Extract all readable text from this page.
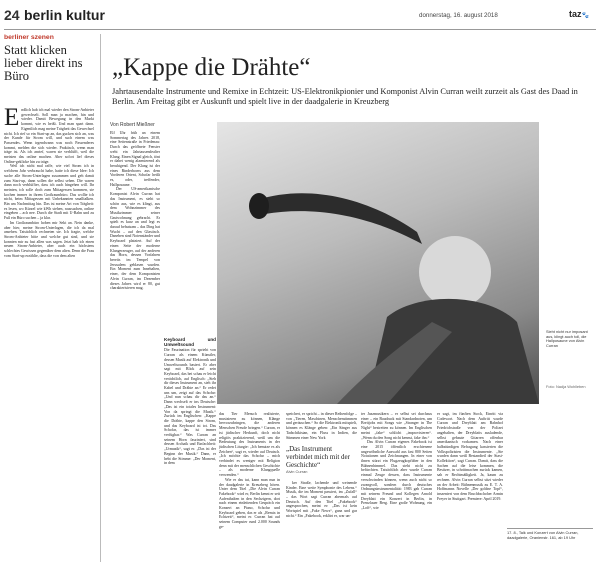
24 berlin kultur	donnerstag, 16. august 2018	taz🐾
berliner szenen
Statt klicken lieber direkt ins Büro

Endlich hab ich mal wieder den Strom-Anbieter gewechselt. Soll man ja machen, hin und wieder. Damit Bewegung in den Markt kommt, wie es heißt. Und man spart dann. Eigentlich mag meine Trägheit das Gewechsel nicht. Ich rief so ein Start-up an, das gucken sich an, was der Kunde für Strom will, und such einem was Passendes. Wenn irgendwann was noch Passenderes kommt, melden die sich wieder. Praktisch, wenn man träge ist. Als ich anrief, waren sie verblüfft, weil die meisten das online machen. Aber sofort lief dieses Online-geklicke hin zu träge.

Weil ich nicht mal raffe, wie viel Strom ich in welchem Jahr verbraucht habe, hatte ich diese Idee: Ich suche alle Strom-Unterlagen zusammen und geh damit zum Start-up, dann sollen die selbst sehen. Die waren dann noch verblüffter, dass ich auch hingehen will. Ihr meinten, ich solle doch zum Mittagessen kommen, sie kochen immer in ihrem Großraumbüro. Das wollte ich nicht, beim Mittagessen mit Unbekannten smalltalken. Bin am Nachmittag hin. Das ist meine Art von Trägheit: es lesen, wo Kürzel wie kWh stehen, raussuchen, online eingeben – ach nee. Durch die Stadt mit U-Bahn und zu Fuß ein Büro suchen – ja klar.

Im Großraumbüro hoben mir Sekt an. Nein danke, aber hier, meine Strom-Unterlagen, die ich da mal ansehen. Tatsächlich rechneten sie. Ich fragte, welche Strom-Anbieter bitte und welche gut sind, und sie konnten mir zu fast allen was sagen. Jetzt hab ich einen neuen Strom-Anbieter, aber auch ein höchstens schlechtes Gewissen gegenüber dem alten. Denn die Frau vom Start-up erzählte, dass die von dem alten

„Kappe die Drähte“
Jahrtausendalte Instrumente und Remixe in Echtzeit: US-Elektronikpionier und Komponist Alvin Curran weilt zurzeit als Gast des Daad in Berlin. Am Freitag gibt er Auskunft und spielt live in der daadgalerie in Kreuzberg
Von Robert Mießner

Elf Uhr früh an einem Sommertag des Jahres 2018, eine Seitenstraße in Friedenau: Durch das geöffnete Fenster weht ein Jahrtausendealter Klang. Einen Signal gleich, tönt er dabei wenig alarmierend als beruhigend. Der Klang ist der eines Rinderhorns aus dem Vorderen Orient, Schofar heißt es, oder, treffender, Hallposaune.

Der US-amerikanische Komponist Alvin Curran hat das Instrument, es sieht so schön aus, wie es klingt, aus dem Wohnzimmer des Musikzimmer seiner Gastwohnung gebracht. Er spielt es kurz an und legt es darauf behutsam – das Ding hat Wucht – auf den Glastisch. Daneben sind Notenständer und Keyboard platziert. Auf der einen Seite der moderne Klangerzeuger, auf der anderen das Horn, dessen Vorfahren bereits im Tempel von Jerusalem geblasen wurden. Ein Moment zum Innehalten, einer, der dem Komponisten Alvin Curran, im Dezember dieses Jahres wird er 80, gut charakterisieren mag.

Keyboard und Umweltsound

Die Faszination für sprieht von Curran als einem Künstler, dessen Musik auf Elektronik und Umweltsounds basiert. Er aber sagt mit Blick auf sein Keyboard, das bei schau er leicht verächtlich, auf Englisch: „Sieh dir dieses Instrument an, sieh ihr Kabel und Drähte an.“ Er redet uns um, zeigt auf das Schofar: „Und nun schau dir das an.“ Dann wechselt er ins Deutsche: „Das ist ein totales Instrument: Von da springt die Musik.“ Zurück im Englischen: „Kappe die Drähte, kappe den Strom, und das Keyboard ist tot. Das Schofar, das ist immer verfügbar.“ Was Curran an seinem Horn fasziniert, sind dessen Archaik und Einfachheit: „Urmusik“, sagt er. „Das ist der Beginn der Musik.“ Dann, er hebt die Stimme: „Der Moment, in dem

Sieht nicht nur imposant aus, klingt auch toll, die Hallposaune von Alvin Curran
Foto: Nadja Wohlleben

das Tier Mensch realisierte, musizieren zu können, Klänge hervorzubringen, die anderen Menschen Freude bringen.“ Curran, er ist jüdischer Herkunft, doch nicht religiös praktizierend, weiß um die Bedeutung des Instruments in der jüdischen Liturgie: „Ich benutze es als Zeichen“, sagt er, wieder auf Deutsch. „Ich möchte das Schofar – mich verbindet es weniger mit Religion denn mit der menschlichen Geschichte – als moderne Klangquelle verwenden.“

Wie er das tut, kann man nun in der daadgalerie in Kreuzberg hören. Unter dem Titel „Die Alvin Curran Fakebook“ wird er, Berlin kennt er seit Aufenthalten in den Sechzigern, dort nach einem einleitenden Gespräch ein Konzert an Piano, Schofar und Keyboard geben, das er als „Remix in Echtzeit“, meint er. Curran hat auf seinem Computer rund 2.000 Sounds ge-

speichert, er spricht – in dieser Reihenfolge – von „Tieren, Maschinen, Menschenstimmen und geräuschen.“ So die Elektronik mitspielt, können es Klänge geben: „Ein Sänger aus Tadschikistan, ein Fluss in Indien, die Stimmen einer New York

„Das Instrument verbindet mich mit der Geschichte“
Alvin Curran

ker Straße, lachende und weinende Kinder. Eine weite Symphonie des Lebens.“ Musik, die im Moment passiert, im „Zufall“ – das Wort sagt Curran abermals auf Deutsch. Auf den Titel „Fakebook“ angesprochen, meint er: „Das ist kein Wortspiel mit „Fake News“, ganz und gar nicht.“ Ein „Fakebook, erklärt er, war un-

ter Jazzmusikern – er selbst sei durchaus einer – ein Baudruck mit Standardnoten, um Breitjobs mit Songs wie „Stranger in The Night“ bestreiten zu können. Im Englischen meint „fake“ schlicht „improvisieren“. „Wenn du den Song nicht kennst, fake ihn.“

Das Alvin Curran eigenes Fakebook ist eine 2015 öffentlich erschienene ungewöhnliche Auswahl aus fast 800 Seiten Notationen und Zeichnungen. In einer von ihnen stürzt ein Flugzeugkopfüber in den Bühnenhimmel. Das steht nicht zu befürchten. Tatsächlich aber wurde Curran einmal Zeuge dessen, dass Instrumente verschwinden können, wenn auch nicht so zwangvoll, sondern durch deutsches Ordnungsinstrumentalität: 1983 gab Curran mit seinem Freund und Kollegen Arnold Dreyblatt ein Konzert in Berlin, in Prenzlauer Berg. Eine große Wohnung, ein „Loft“, wie

er sagt, im fünften Stock, Einritt via Codewort. Nach dem Auftritt wurde Curran und Dreyblatt am Bahnhof Friedrichstraße von der Polizei angehalten, der Dreyblatts ausladende, selbst gebaute Gitarren offenbar amerikanisch vorkamen. Nach einer halbstündigen Befragung kassierten die Volkspolizisten die Instrumente. „Sie wurden dann weiß Bestandteil der Stasi-Kollektion“, sagt Curran. Damit, dass die Sachen auf die leise kommen, die Besitzer, in schrittmachen zurück kamen, sah er Rechtmäßigkeit. Ja, kaum zu rechnen. Alvin Curran selbst sitzt wieder an der Arbeit: Bühnenmusik zu E. T. A. Hoffmanns Novelle „Der goldne Topf“, inszeniert von dem Bruchbschoher Armin Freyer in Stuttgart. Premiere: April 2019.

17. 8., Talk und Konzert von Alvin Curran, daadgalerie, Oranienstr. 161, ab 19 Uhr
